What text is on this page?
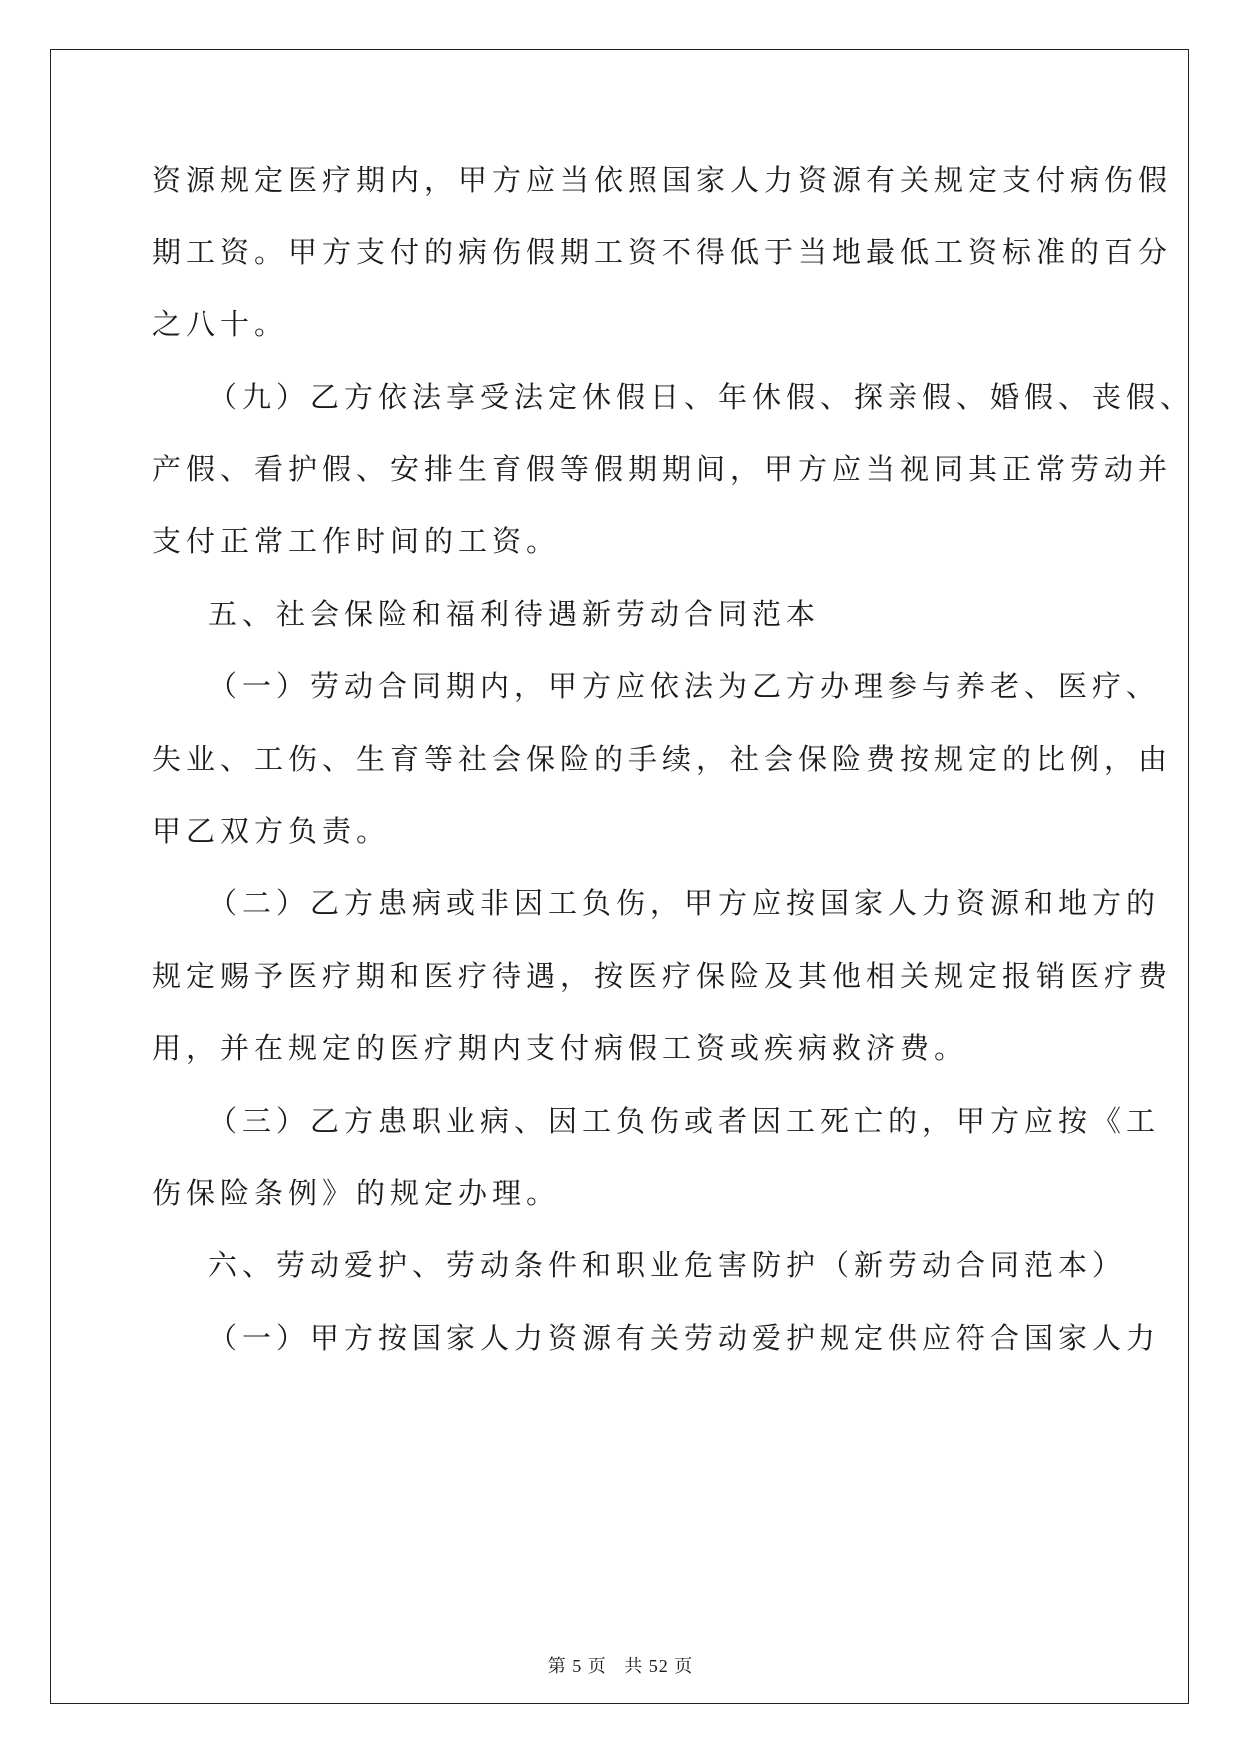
资源规定医疗期内，甲方应当依照国家人力资源有关规定支付病伤假
期工资。甲方支付的病伤假期工资不得低于当地最低工资标准的百分
之八十。
（九）乙方依法享受法定休假日、年休假、探亲假、婚假、丧假、
产假、看护假、安排生育假等假期期间，甲方应当视同其正常劳动并
支付正常工作时间的工资。
五、社会保险和福利待遇新劳动合同范本
（一）劳动合同期内，甲方应依法为乙方办理参与养老、医疗、
失业、工伤、生育等社会保险的手续，社会保险费按规定的比例，由
甲乙双方负责。
（二）乙方患病或非因工负伤，甲方应按国家人力资源和地方的
规定赐予医疗期和医疗待遇，按医疗保险及其他相关规定报销医疗费
用，并在规定的医疗期内支付病假工资或疾病救济费。
（三）乙方患职业病、因工负伤或者因工死亡的，甲方应按《工
伤保险条例》的规定办理。
六、劳动爱护、劳动条件和职业危害防护（新劳动合同范本）
（一）甲方按国家人力资源有关劳动爱护规定供应符合国家人力
第 5 页 共 52 页
